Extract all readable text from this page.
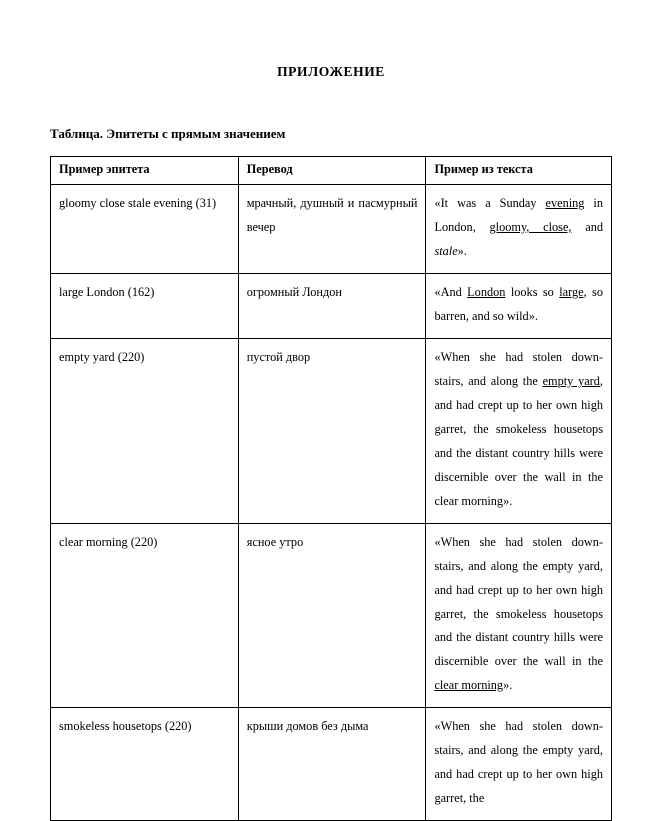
ПРИЛОЖЕНИЕ
Таблица. Эпитеты с прямым значением
Пример эпитета	Перевод	Пример из текста
gloomy close stale evening (31)	мрачный, душный и пасмурный вечер	«It was a Sunday evening in London, gloomy, close, and stale».
large London (162)	огромный Лондон	«And London looks so large, so barren, and so wild».
empty yard (220)	пустой двор	«When she had stolen down-stairs, and along the empty yard, and had crept up to her own high garret, the smokeless housetops and the distant country hills were discernible over the wall in the clear morning».
clear morning (220)	ясное утро	«When she had stolen down-stairs, and along the empty yard, and had crept up to her own high garret, the smokeless housetops and the distant country hills were discernible over the wall in the clear morning».
smokeless housetops (220)	крыши домов без дыма	«When she had stolen down-stairs, and along the empty yard, and had crept up to her own high garret, the
